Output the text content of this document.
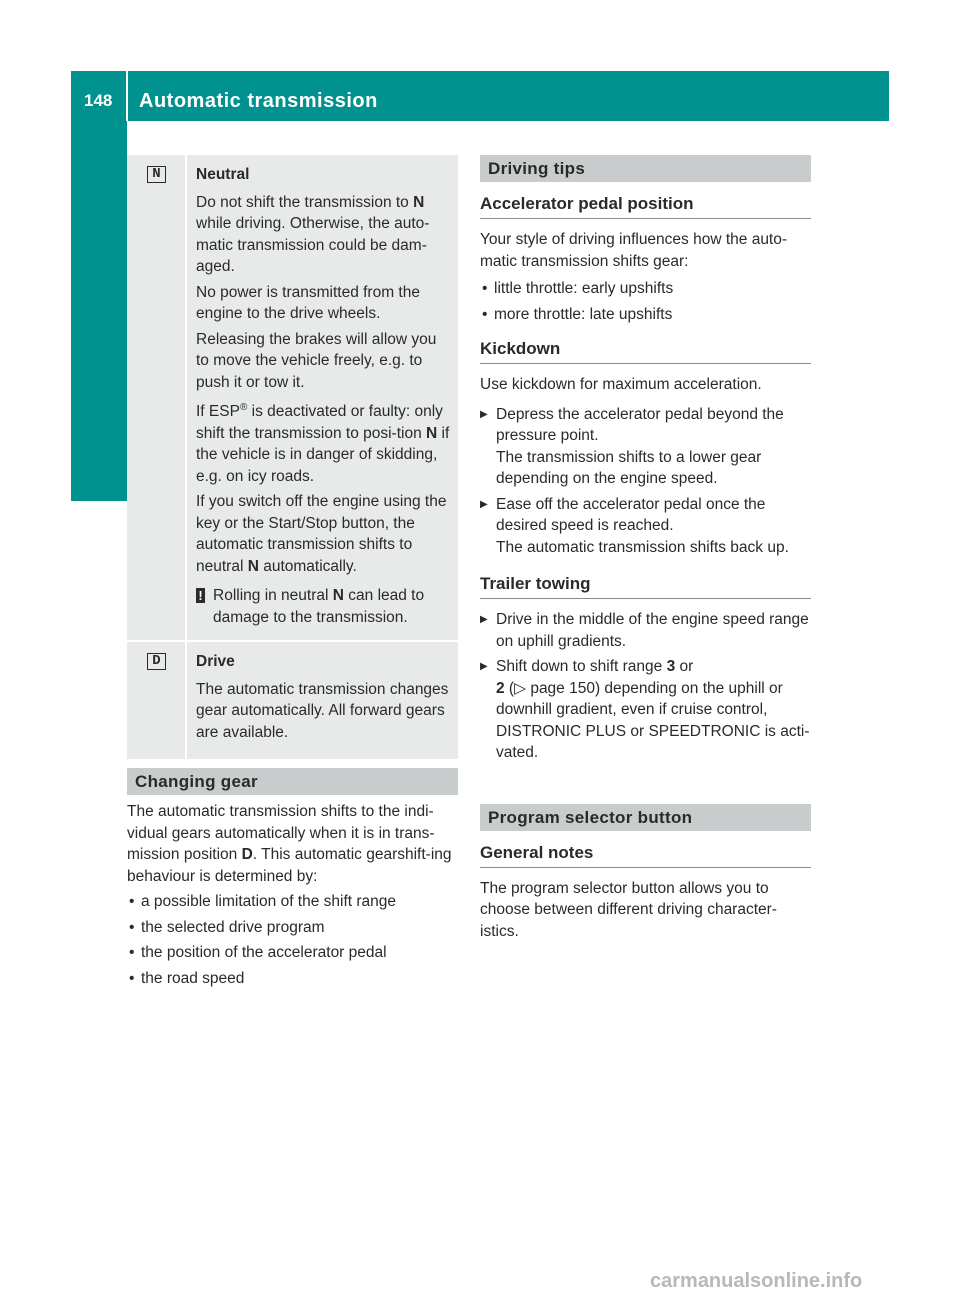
148	Automatic transmission
Driving and parking
N	Neutral

Do not shift the transmission to N while driving. Otherwise, the auto-matic transmission could be dam-aged.

No power is transmitted from the engine to the drive wheels.

Releasing the brakes will allow you to move the vehicle freely, e.g. to push it or tow it.

If ESP® is deactivated or faulty: only shift the transmission to posi-tion N if the vehicle is in danger of skidding, e.g. on icy roads.

If you switch off the engine using the key or the Start/Stop button, the automatic transmission shifts to neutral N automatically.

! Rolling in neutral N can lead to damage to the transmission.
D	Drive

The automatic transmission changes gear automatically. All forward gears are available.

Changing gear

The automatic transmission shifts to the indi-vidual gears automatically when it is in trans-mission position D. This automatic gearshift-ing behaviour is determined by:

• a possible limitation of the shift range
• the selected drive program
• the position of the accelerator pedal
• the road speed
Driving tips
Accelerator pedal position

Your style of driving influences how the auto-matic transmission shifts gear:

• little throttle: early upshifts
• more throttle: late upshifts
Kickdown

Use kickdown for maximum acceleration.

▶ Depress the accelerator pedal beyond the pressure point.
The transmission shifts to a lower gear depending on the engine speed.
▶ Ease off the accelerator pedal once the desired speed is reached.
The automatic transmission shifts back up.
Trailer towing
▶ Drive in the middle of the engine speed range on uphill gradients.
▶ Shift down to shift range 3 or
2 (▷ page 150) depending on the uphill or downhill gradient, even if cruise control, DISTRONIC PLUS or SPEEDTRONIC is acti-vated.
Program selector button
General notes

The program selector button allows you to choose between different driving character-istics.

carmanualsonline.info
